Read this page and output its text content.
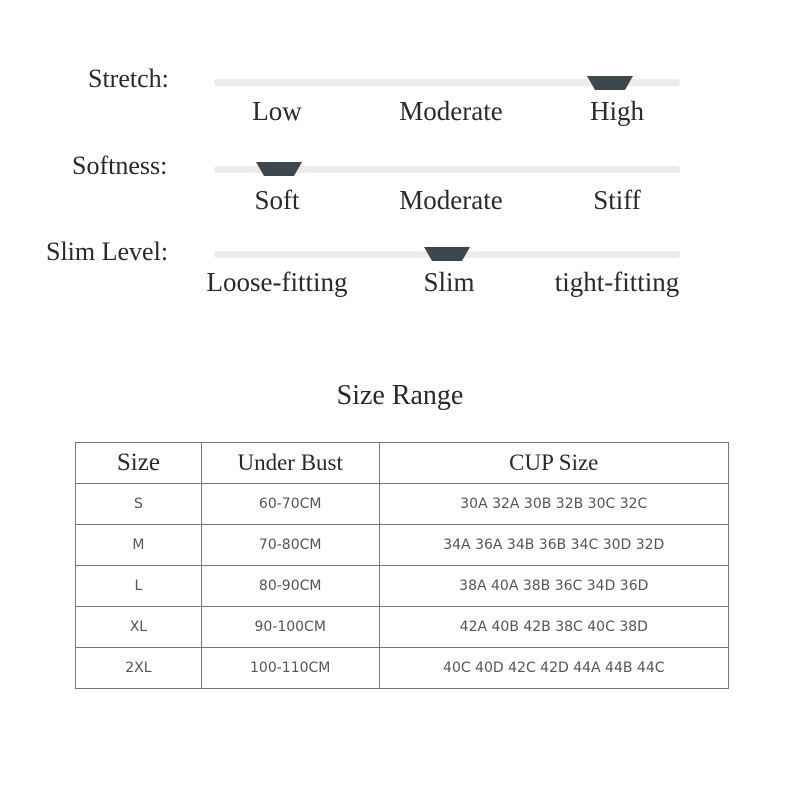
Stretch:
Low	Moderate	High
Softness:
Soft	Moderate	Stiff
Slim Level:
Loose-fitting	Slim	tight-fitting
Size Range
Size	Under Bust	CUP Size
S	60-70CM	30A 32A 30B 32B 30C 32C
M	70-80CM	34A 36A 34B 36B 34C 30D 32D
L	80-90CM	38A 40A 38B 36C 34D 36D
XL	90-100CM	42A 40B 42B 38C 40C 38D
2XL	100-110CM	40C 40D 42C 42D 44A 44B 44C
